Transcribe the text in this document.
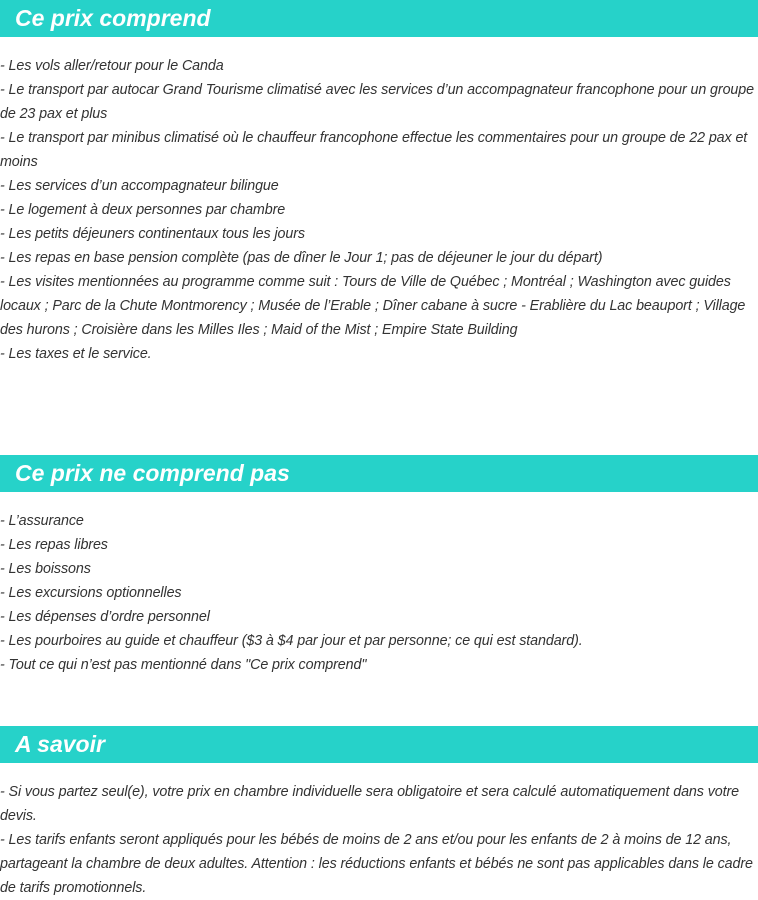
Ce prix comprend
- Les vols aller/retour pour le Canda
- Le transport par autocar Grand Tourisme climatisé avec les services d’un accompagnateur francophone pour un groupe de 23 pax et plus
- Le transport par minibus climatisé où le chauffeur francophone effectue les commentaires pour un groupe de 22 pax et moins
- Les services d’un accompagnateur bilingue
- Le logement à deux personnes par chambre
- Les petits déjeuners continentaux tous les jours
- Les repas en base pension complète (pas de dîner le Jour 1; pas de déjeuner le jour du départ)
- Les visites mentionnées au programme comme suit : Tours de Ville de Québec ; Montréal ; Washington avec guides locaux ; Parc de la Chute Montmorency ; Musée de l’Erable ; Dîner cabane à sucre - Erablière du Lac beauport ; Village des hurons ; Croisière dans les Milles Iles ; Maid of the Mist ; Empire State Building
- Les taxes et le service.
Ce prix ne comprend pas
- L’assurance
- Les repas libres
- Les boissons
- Les excursions optionnelles
- Les dépenses d’ordre personnel
- Les pourboires au guide et chauffeur ($3 à $4 par jour et par personne; ce qui est standard).
- Tout ce qui n’est pas mentionné dans "Ce prix comprend"
A savoir
- Si vous partez seul(e), votre prix en chambre individuelle sera obligatoire et sera calculé automatiquement dans votre devis.
- Les tarifs enfants seront appliqués pour les bébés de moins de 2 ans et/ou pour les enfants de 2 à moins de 12 ans, partageant la chambre de deux adultes. Attention : les réductions enfants et bébés ne sont pas applicables dans le cadre de tarifs promotionnels.
